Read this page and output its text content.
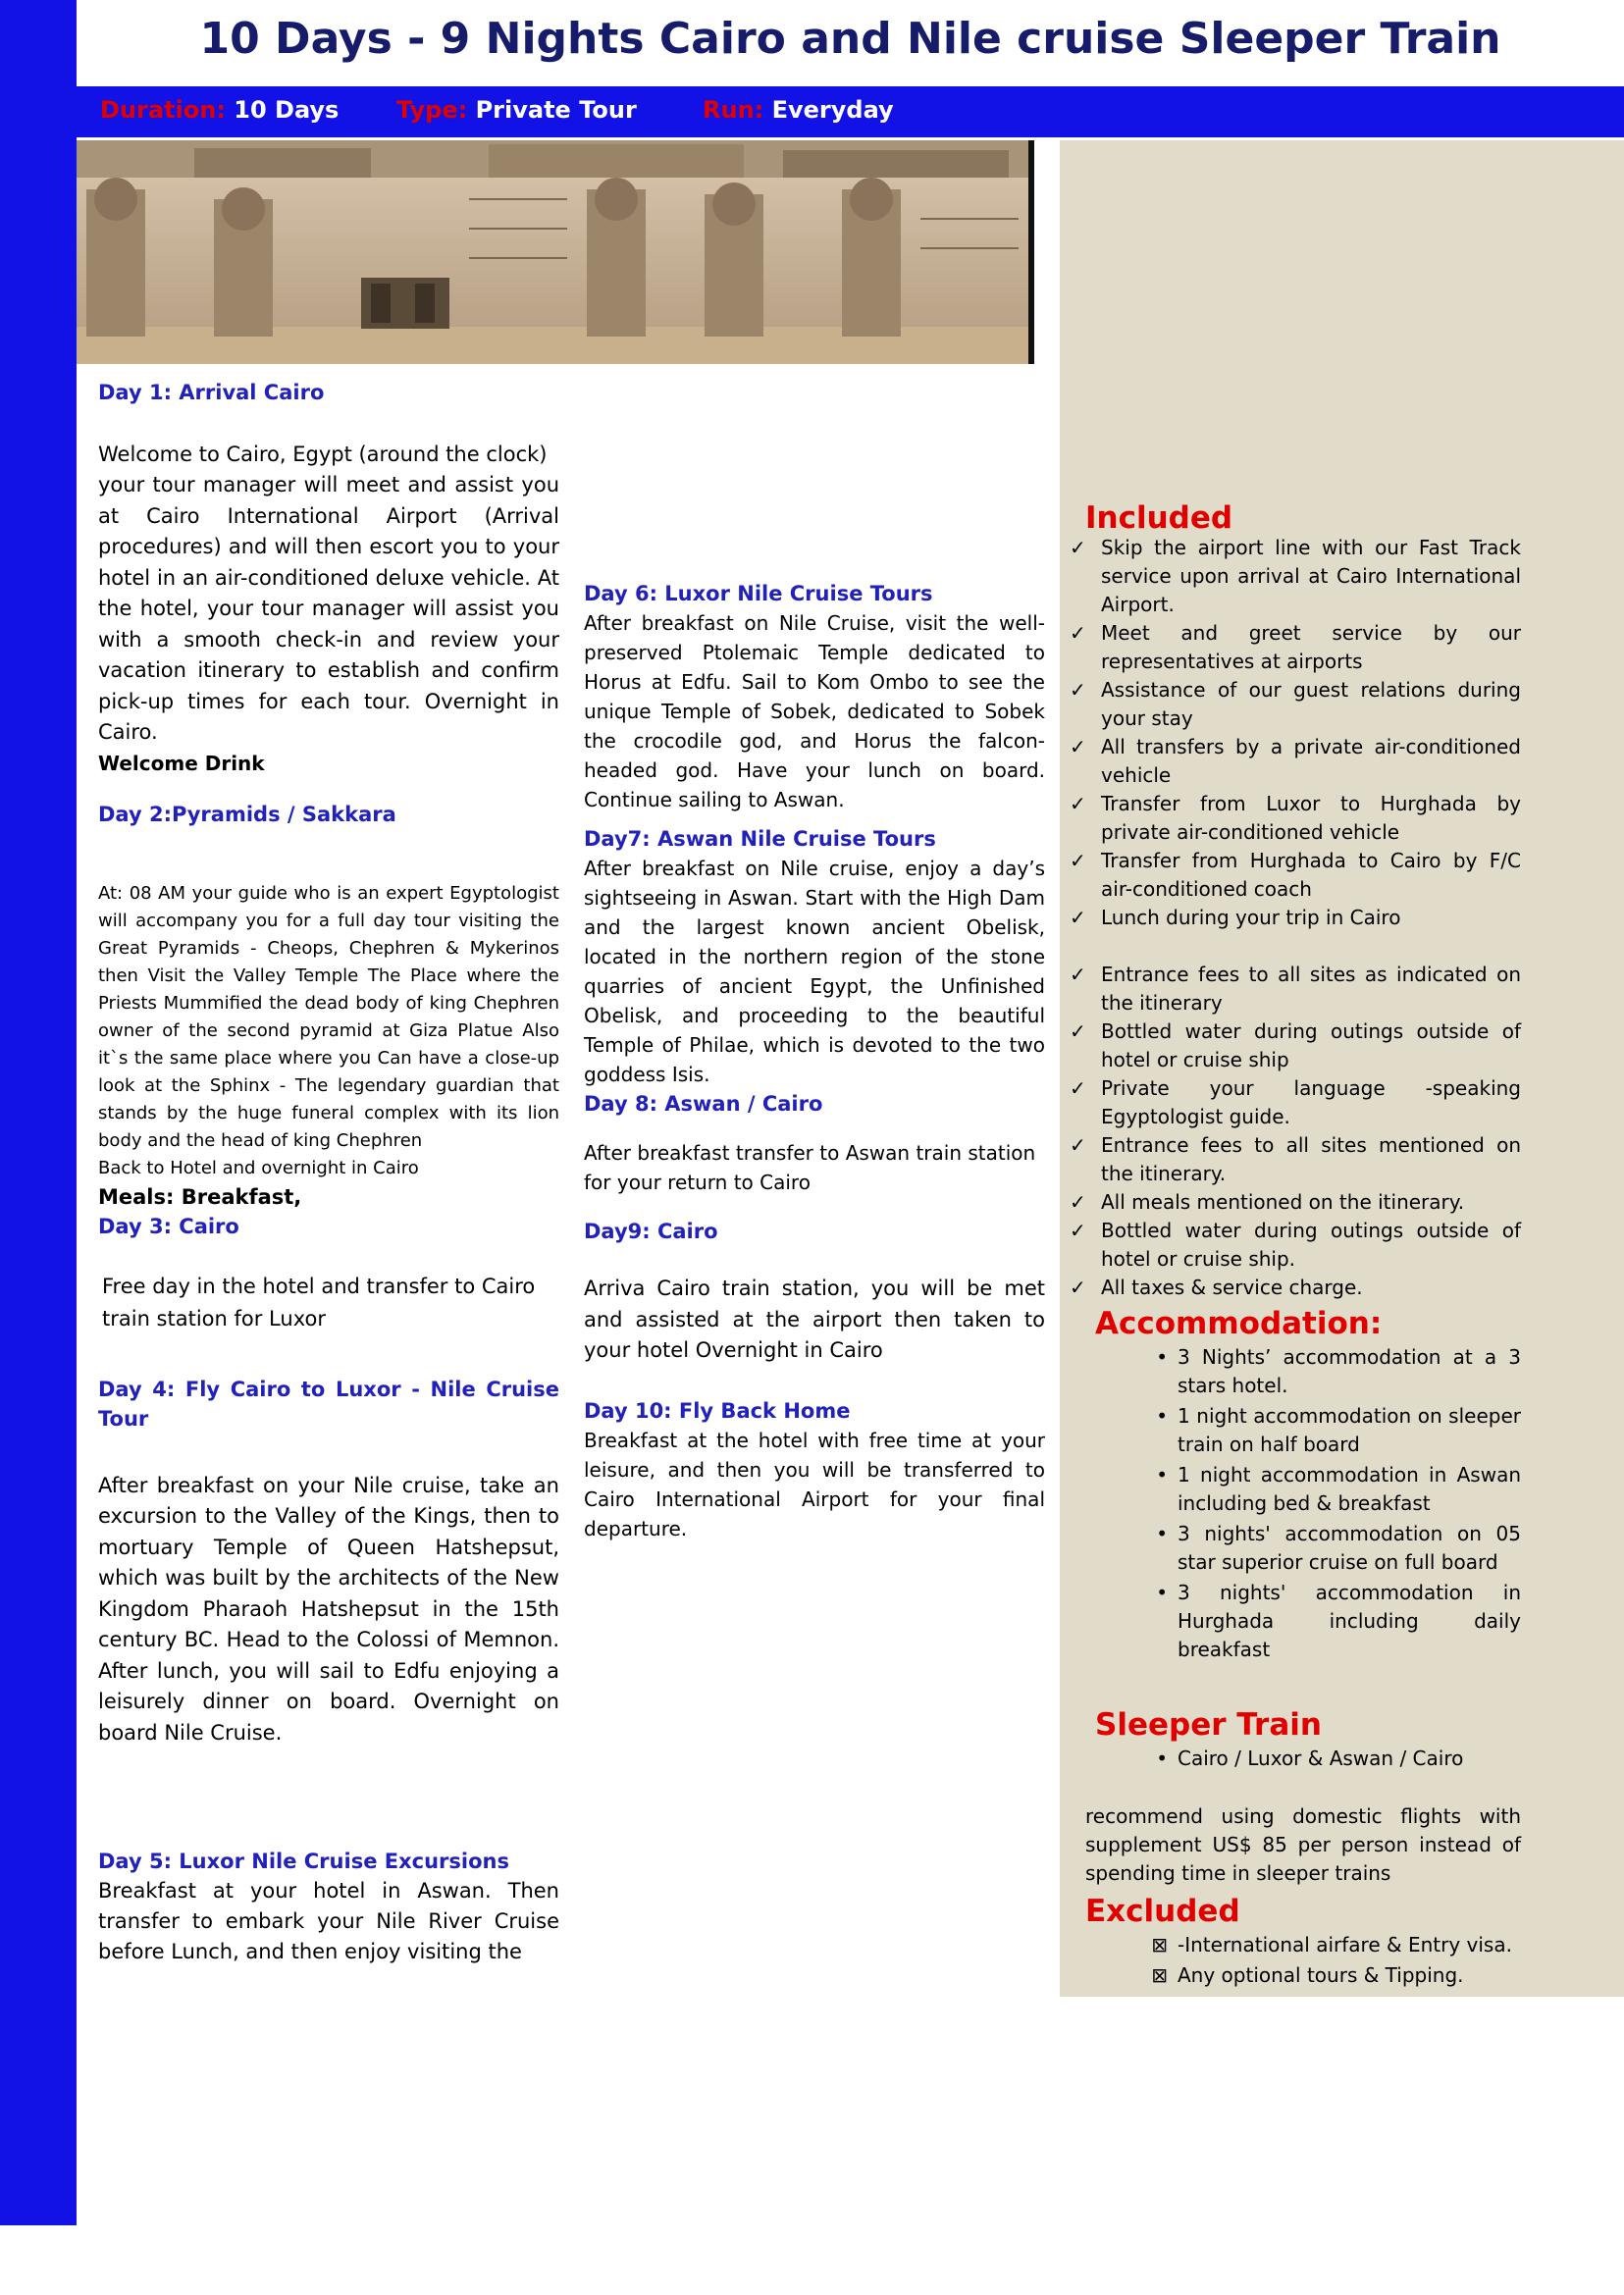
10 Days - 9 Nights Cairo and Nile cruise Sleeper Train
Duration: 10 Days Type: Private Tour	Run: Everyday

Day 1: Arrival Cairo

Welcome to Cairo, Egypt (around the clock)

your tour manager will meet and assist you at Cairo International Airport (Arrival procedures) and will then escort you to your hotel in an air-conditioned deluxe vehicle. At the hotel, your tour manager will assist you with a smooth check-in and review your vacation itinerary to establish and confirm pick-up times for each tour. Overnight in Cairo.

Welcome Drink

Day 2:Pyramids / Sakkara

At: 08 AM your guide who is an expert Egyptologist will accompany you for a full day tour visiting the Great Pyramids - Cheops, Chephren & Mykerinos then Visit the Valley Temple The Place where the Priests Mummified the dead body of king Chephren owner of the second pyramid at Giza Platue Also it`s the same place where you Can have a close-up look at the Sphinx - The legendary guardian that stands by the huge funeral complex with its lion body and the head of king Chephren

Back to Hotel and overnight in Cairo

Meals: Breakfast,

Day 3: Cairo

Free day in the hotel and transfer to Cairo train station for Luxor

Day 4: Fly Cairo to Luxor - Nile Cruise Tour

After breakfast on your Nile cruise, take an excursion to the Valley of the Kings, then to mortuary Temple of Queen Hatshepsut, which was built by the architects of the New Kingdom Pharaoh Hatshepsut in the 15th century BC. Head to the Colossi of Memnon. After lunch, you will sail to Edfu enjoying a leisurely dinner on board. Overnight on board Nile Cruise.

Day 5: Luxor Nile Cruise Excursions

Breakfast at your hotel in Aswan. Then transfer to embark your Nile River Cruise before Lunch, and then enjoy visiting the

Day 6: Luxor Nile Cruise Tours

After breakfast on Nile Cruise, visit the well-preserved Ptolemaic Temple dedicated to Horus at Edfu. Sail to Kom Ombo to see the unique Temple of Sobek, dedicated to Sobek the crocodile god, and Horus the falcon-headed god. Have your lunch on board. Continue sailing to Aswan.

Day7: Aswan Nile Cruise Tours

After breakfast on Nile cruise, enjoy a day’s sightseeing in Aswan. Start with the High Dam and the largest known ancient Obelisk, located in the northern region of the stone quarries of ancient Egypt, the Unfinished Obelisk, and proceeding to the beautiful Temple of Philae, which is devoted to the two goddess Isis.

Day 8: Aswan / Cairo

After breakfast transfer to Aswan train station for your return to Cairo

Day9: Cairo

Arriva Cairo train station, you will be met and assisted at the airport then taken to your hotel Overnight in Cairo

Day 10: Fly Back Home

Breakfast at the hotel with free time at your leisure, and then you will be transferred to Cairo International Airport for your final departure.

Included

✓ Skip the airport line with our Fast Track service upon arrival at Cairo International Airport.
✓ Meet and greet service by our representatives at airports
✓ Assistance of our guest relations during your stay
✓ All transfers by a private air-conditioned vehicle
✓ Transfer from Luxor to Hurghada by private air-conditioned vehicle
✓ Transfer from Hurghada to Cairo by F/C air-conditioned coach
✓ Lunch during your trip in Cairo
✓ Entrance fees to all sites as indicated on the itinerary
✓ Bottled water during outings outside of hotel or cruise ship
✓ Private your language -speaking Egyptologist guide.
✓ Entrance fees to all sites mentioned on the itinerary.
✓ All meals mentioned on the itinerary.
✓ Bottled water during outings outside of hotel or cruise ship.
✓ All taxes & service charge.

Accommodation:

• 3 Nights’ accommodation at a 3 stars hotel.
• 1 night accommodation on sleeper train on half board
• 1 night accommodation in Aswan including bed & breakfast
• 3 nights' accommodation on 05 star superior cruise on full board
• 3 nights' accommodation in Hurghada including daily breakfast

Sleeper Train

• Cairo / Luxor & Aswan / Cairo

recommend using domestic flights with supplement US$ 85 per person instead of spending time in sleeper trains

Excluded

⊠ -International airfare & Entry visa.
⊠ Any optional tours & Tipping.
